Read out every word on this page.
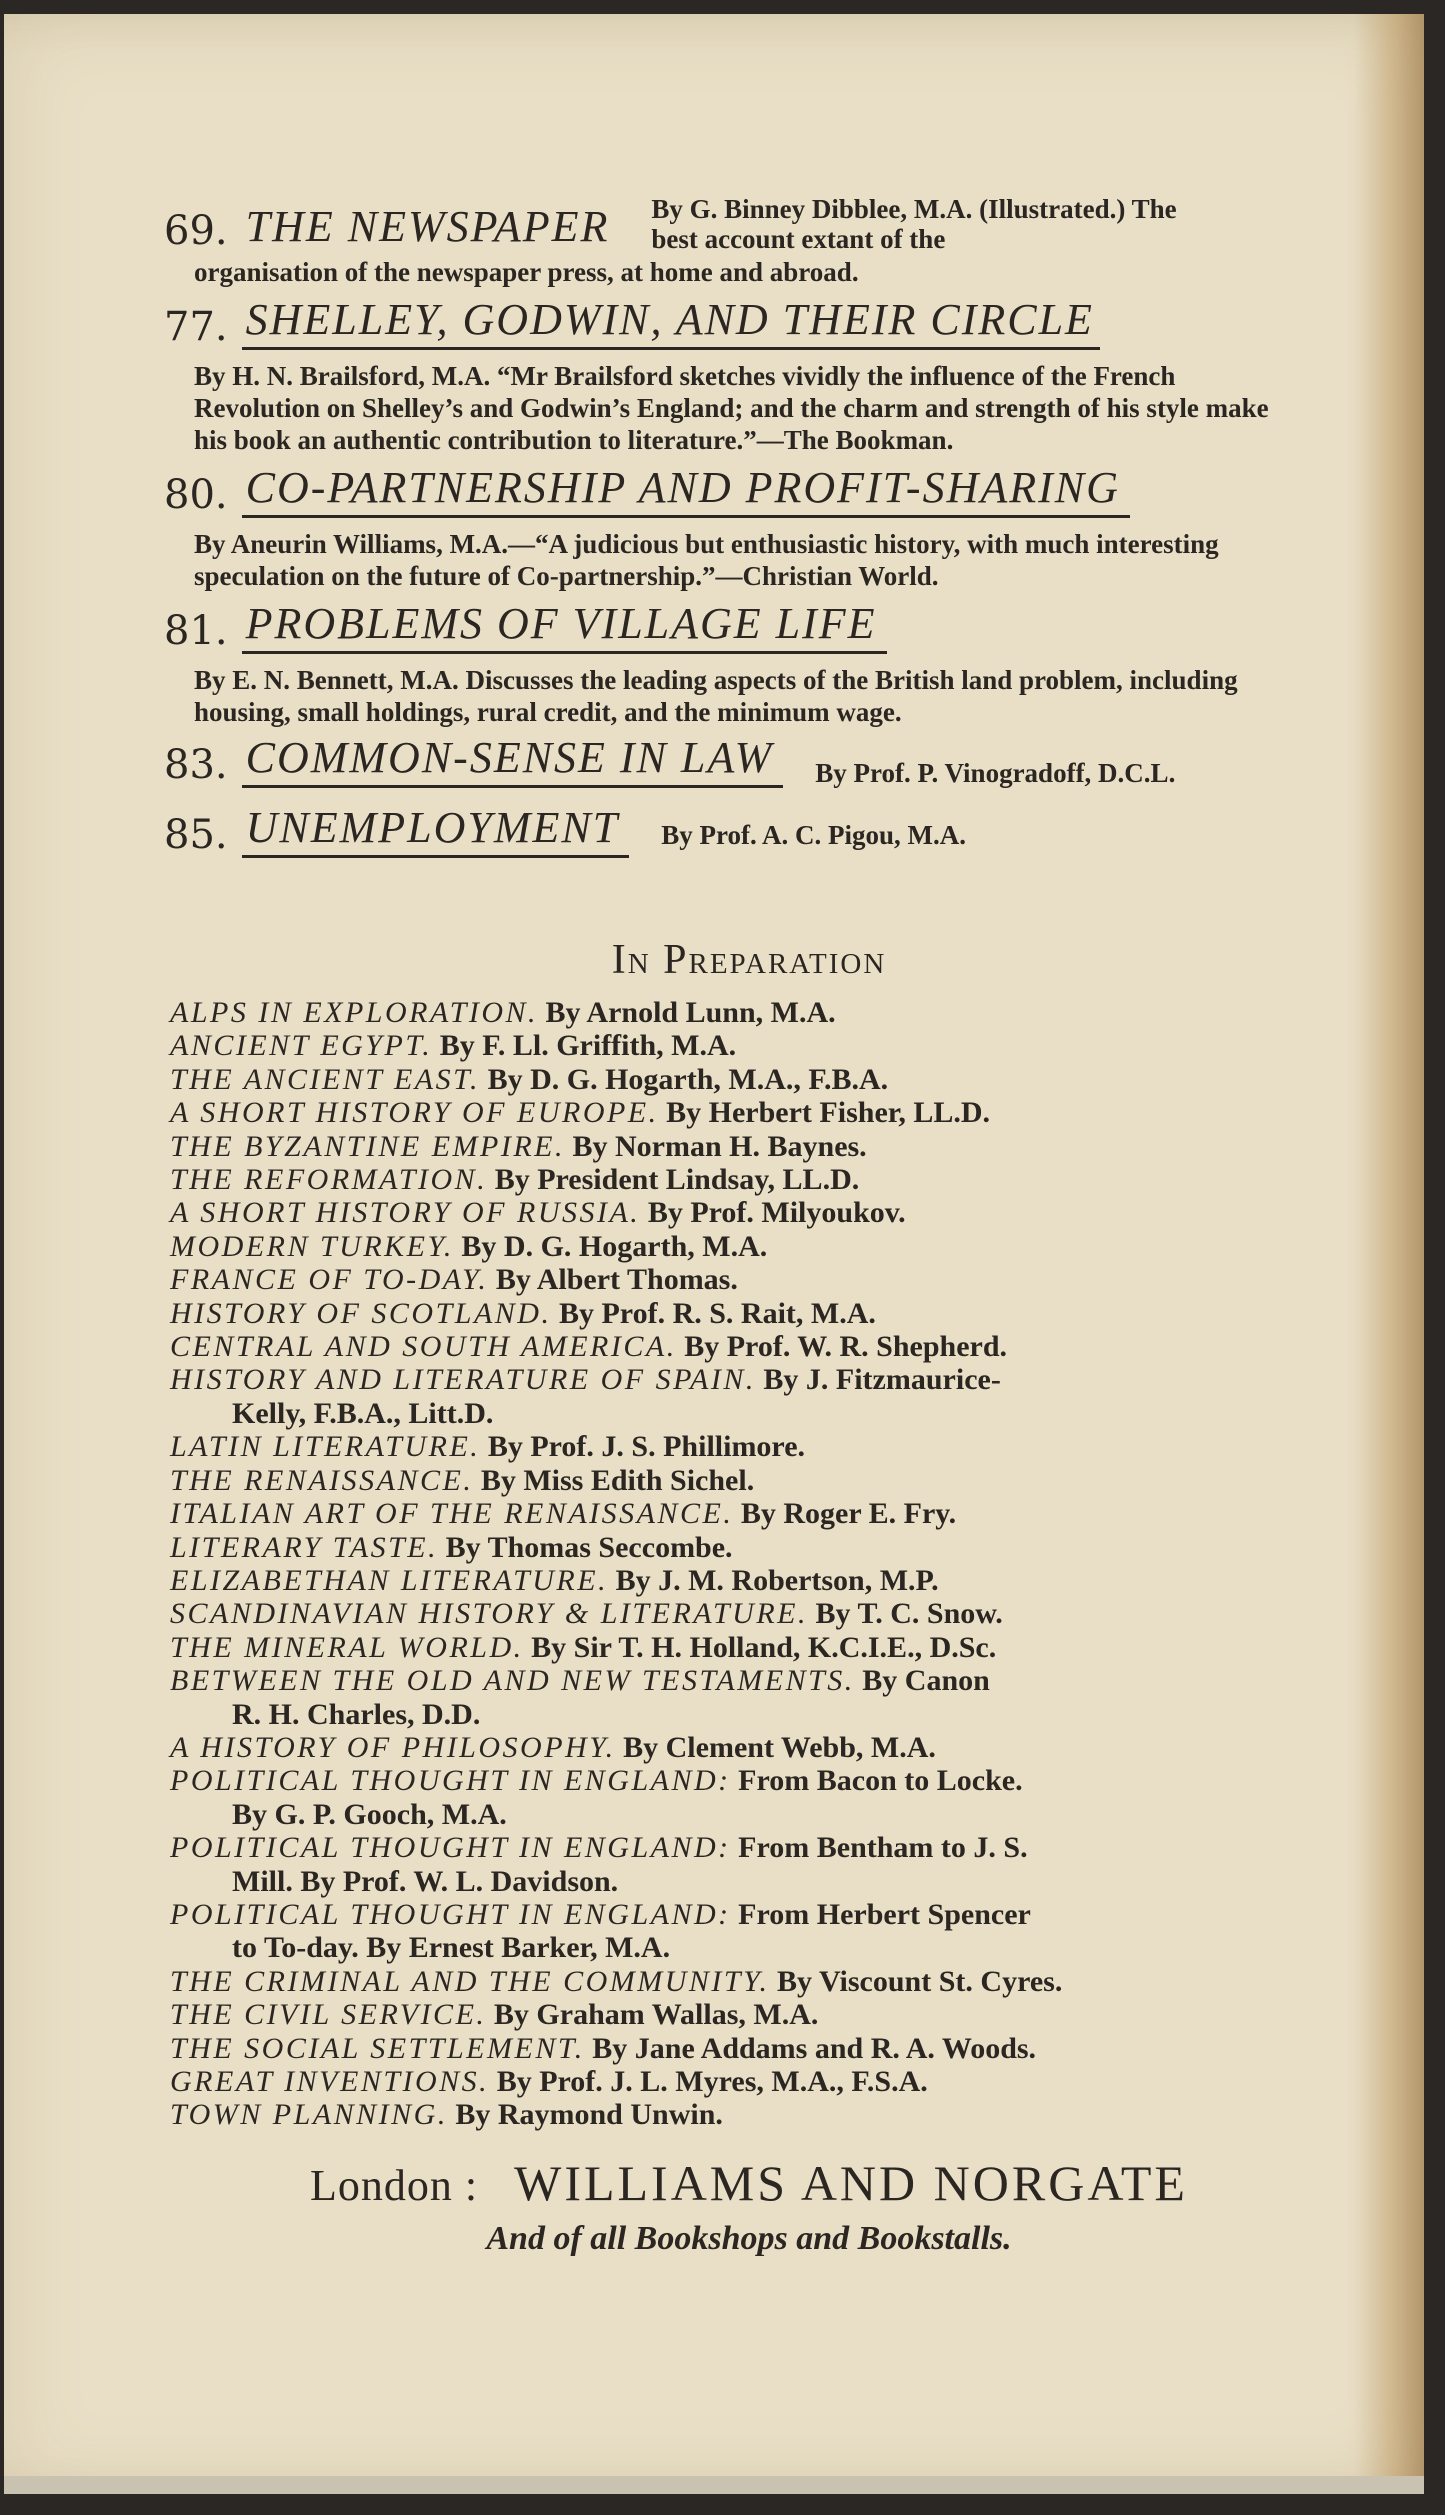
69. THE NEWSPAPER	By G. Binney Dibblee, M.A. (Illustrated.) The best account extant of the
organisation of the newspaper press, at home and abroad.
77. SHELLEY, GODWIN, AND THEIR CIRCLE
By H. N. Brailsford, M.A. “Mr Brailsford sketches vividly the influence of the French Revolution on Shelley’s and Godwin’s England; and the charm and strength of his style make his book an authentic contribution to literature.”—The Bookman.
80. CO-PARTNERSHIP AND PROFIT-SHARING
By Aneurin Williams, M.A.—“A judicious but enthusiastic history, with much interesting speculation on the future of Co-partnership.”—Christian World.
81. PROBLEMS OF VILLAGE LIFE
By E. N. Bennett, M.A. Discusses the leading aspects of the British land problem, including housing, small holdings, rural credit, and the minimum wage.
83. COMMON-SENSE IN LAW	By Prof. P. Vinogradoff, D.C.L.
85. UNEMPLOYMENT	By Prof. A. C. Pigou, M.A.
In Preparation
ALPS IN EXPLORATION. By Arnold Lunn, M.A.
ANCIENT EGYPT. By F. Ll. Griffith, M.A.
THE ANCIENT EAST. By D. G. Hogarth, M.A., F.B.A.
A SHORT HISTORY OF EUROPE. By Herbert Fisher, LL.D.
THE BYZANTINE EMPIRE. By Norman H. Baynes.
THE REFORMATION. By President Lindsay, LL.D.
A SHORT HISTORY OF RUSSIA. By Prof. Milyoukov.
MODERN TURKEY. By D. G. Hogarth, M.A.
FRANCE OF TO-DAY. By Albert Thomas.
HISTORY OF SCOTLAND. By Prof. R. S. Rait, M.A.
CENTRAL AND SOUTH AMERICA. By Prof. W. R. Shepherd.
HISTORY AND LITERATURE OF SPAIN. By J. Fitzmaurice-
Kelly, F.B.A., Litt.D.
LATIN LITERATURE. By Prof. J. S. Phillimore.
THE RENAISSANCE. By Miss Edith Sichel.
ITALIAN ART OF THE RENAISSANCE. By Roger E. Fry.
LITERARY TASTE. By Thomas Seccombe.
ELIZABETHAN LITERATURE. By J. M. Robertson, M.P.
SCANDINAVIAN HISTORY & LITERATURE. By T. C. Snow.
THE MINERAL WORLD. By Sir T. H. Holland, K.C.I.E., D.Sc.
BETWEEN THE OLD AND NEW TESTAMENTS. By Canon
R. H. Charles, D.D.
A HISTORY OF PHILOSOPHY. By Clement Webb, M.A.
POLITICAL THOUGHT IN ENGLAND: From Bacon to Locke.
By G. P. Gooch, M.A.
POLITICAL THOUGHT IN ENGLAND: From Bentham to J. S.
Mill. By Prof. W. L. Davidson.
POLITICAL THOUGHT IN ENGLAND: From Herbert Spencer
to To-day. By Ernest Barker, M.A.
THE CRIMINAL AND THE COMMUNITY. By Viscount St. Cyres.
THE CIVIL SERVICE. By Graham Wallas, M.A.
THE SOCIAL SETTLEMENT. By Jane Addams and R. A. Woods.
GREAT INVENTIONS. By Prof. J. L. Myres, M.A., F.S.A.
TOWN PLANNING. By Raymond Unwin.
London : WILLIAMS AND NORGATE
And of all Bookshops and Bookstalls.
